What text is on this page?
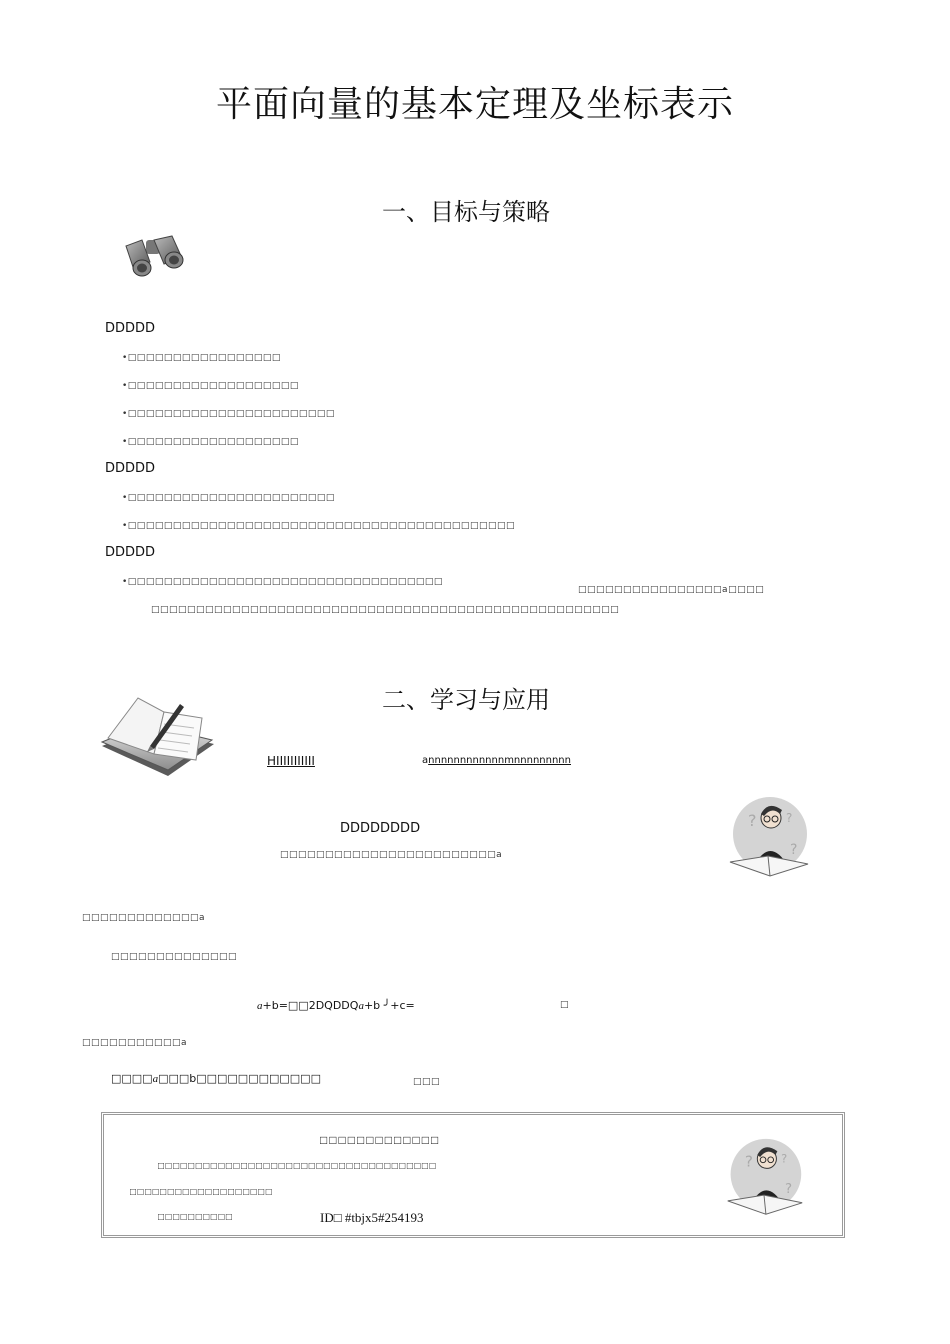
平面向量的基本定理及坐标表示
一、目标与策略
DDDDD
•□□□□□□□□□□□□□□□□□
•□□□□□□□□□□□□□□□□□□□
•□□□□□□□□□□□□□□□□□□□□□□□
•□□□□□□□□□□□□□□□□□□□
DDDDD
•□□□□□□□□□□□□□□□□□□□□□□□
•□□□□□□□□□□□□□□□□□□□□□□□□□□□□□□□□□□□□□□□□□□□
DDDDD
•□□□□□□□□□□□□□□□□□□□□□□□□□□□□□□□□□□□
□□□□□□□□□□□□□□□□a□□□□
□□□□□□□□□□□□□□□□□□□□□□□□□□□□□□□□□□□□□□□□□□□□□□□□□□□□
二、学习与应用
HIIIIIIIIIII	annnnnnnnnnnnmnnnnnnnnn
DDDDDDDD
□□□□□□□□□□□□□□□□□□□□□□□□a
? ?
?
□□□□□□□□□□□□□a
□□□□□□□□□□□□□□
a+b=□□2DQDDQa+b ╯+c=	□
□□□□□□□□□□□a
□□□□a□□□b□□□□□□□□□□□□	□□□
□□□□□□□□□□□□□
□□□□□□□□□□□□□□□□□□□□□□□□□□□□□□□□□□□□□
□□□□□□□□□□□□□□□□□□□
□□□□□□□□□□	ID□ #tbjx5#254193
? ?
?
